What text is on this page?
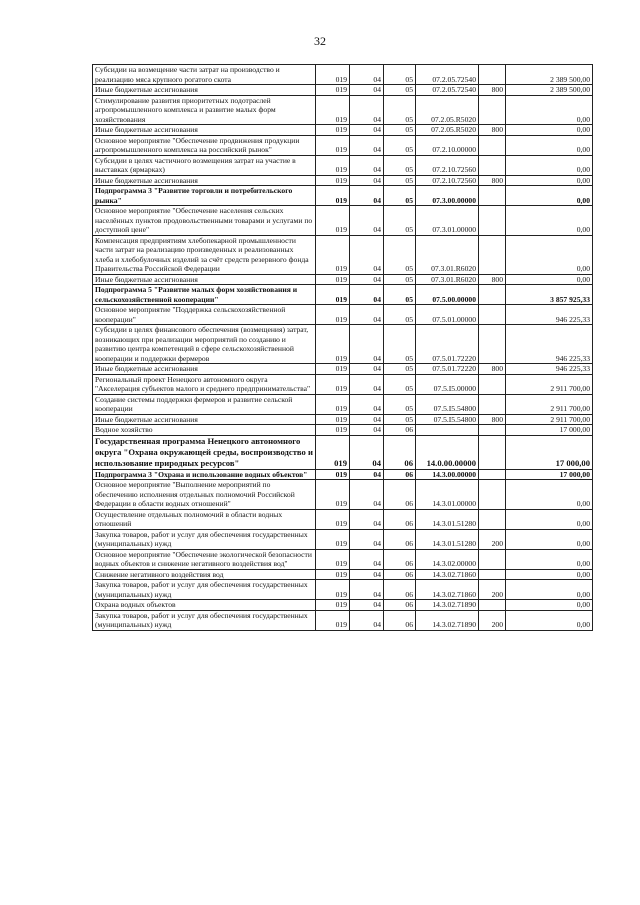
32
Субсидии на возмещение части затрат на производство и реализацию мяса крупного рогатого скота	019	04	05	07.2.05.72540		2 389 500,00
Иные бюджетные ассигнования	019	04	05	07.2.05.72540	800	2 389 500,00
Стимулирование развития приоритетных подотраслей агропромышленного комплекса и развитие малых форм хозяйствования	019	04	05	07.2.05.R5020		0,00
Иные бюджетные ассигнования	019	04	05	07.2.05.R5020	800	0,00
Основное мероприятие "Обеспечение продвижения продукции агропромышленного комплекса на российский рынок"	019	04	05	07.2.10.00000		0,00
Субсидии в целях частичного возмещения затрат на участие в выставках (ярмарках)	019	04	05	07.2.10.72560		0,00
Иные бюджетные ассигнования	019	04	05	07.2.10.72560	800	0,00
Подпрограмма 3 "Развитие торговли и потребительского рынка"	019	04	05	07.3.00.00000		0,00
Основное мероприятие "Обеспечение населения сельских населённых пунктов продовольственными товарами и услугами по доступной цене"	019	04	05	07.3.01.00000		0,00
Компенсация предприятиям хлебопекарной промышленности части затрат на реализацию произведенных и реализованных хлеба и хлебобулочных изделий за счёт средств резервного фонда Правительства Российской Федерации	019	04	05	07.3.01.R6020		0,00
Иные бюджетные ассигнования	019	04	05	07.3.01.R6020	800	0,00
Подпрограмма 5 "Развитие малых форм хозяйствования и сельскохозяйственной кооперации"	019	04	05	07.5.00.00000		3 857 925,33
Основное мероприятие "Поддержка сельскохозяйственной кооперации"	019	04	05	07.5.01.00000		946 225,33
Субсидии в целях финансового обеспечения (возмещения) затрат, возникающих при реализации мероприятий по созданию и развитию центра компетенций в сфере сельскохозяйственной кооперации и поддержки фермеров	019	04	05	07.5.01.72220		946 225,33
Иные бюджетные ассигнования	019	04	05	07.5.01.72220	800	946 225,33
Региональный проект Ненецкого автономного округа "Акселерация субъектов малого и среднего предпринимательства"	019	04	05	07.5.I5.00000		2 911 700,00
Создание системы поддержки фермеров и развитие сельской кооперации	019	04	05	07.5.I5.54800		2 911 700,00
Иные бюджетные ассигнования	019	04	05	07.5.I5.54800	800	2 911 700,00
Водное хозяйство	019	04	06			17 000,00
Государственная программа Ненецкого автономного округа "Охрана окружающей среды, воспроизводство и использование природных ресурсов"	019	04	06	14.0.00.00000		17 000,00
Подпрограмма 3 "Охрана и использование водных объектов"	019	04	06	14.3.00.00000		17 000,00
Основное мероприятие "Выполнение мероприятий по обеспечению исполнения отдельных полномочий Российской Федерации в области водных отношений"	019	04	06	14.3.01.00000		0,00
Осуществление отдельных полномочий в области водных отношений	019	04	06	14.3.01.51280		0,00
Закупка товаров, работ и услуг для обеспечения государственных (муниципальных) нужд	019	04	06	14.3.01.51280	200	0,00
Основное мероприятие "Обеспечение экологической безопасности водных объектов и снижение негативного воздействия вод"	019	04	06	14.3.02.00000		0,00
Снижение негативного воздействия вод	019	04	06	14.3.02.71860		0,00
Закупка товаров, работ и услуг для обеспечения государственных (муниципальных) нужд	019	04	06	14.3.02.71860	200	0,00
Охрана водных объектов	019	04	06	14.3.02.71890		0,00
Закупка товаров, работ и услуг для обеспечения государственных (муниципальных) нужд	019	04	06	14.3.02.71890	200	0,00
